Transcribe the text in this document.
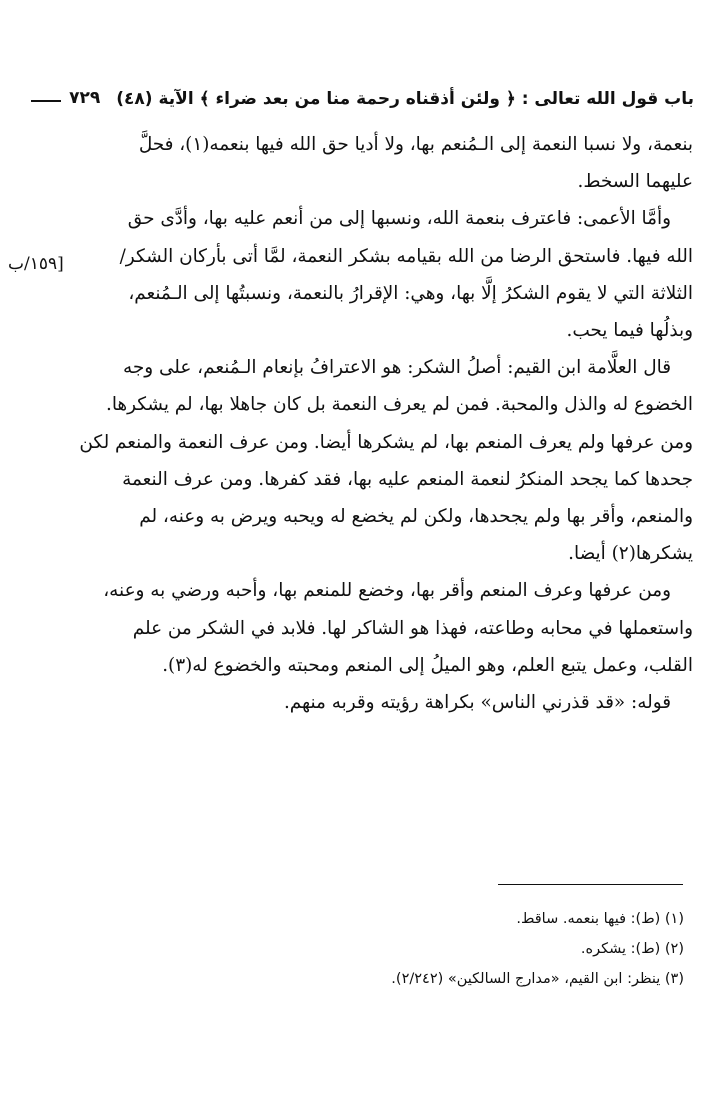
باب قول الله تعالى : ﴿ ولئن أذقناه رحمة منا من بعد ضراء ﴾ الآية (٤٨)
٧٢٩
[١٥٩/ب

بنعمة، ولا نسبا النعمة إلى الـمُنعم بها، ولا أديا حق الله فيها بنعمه(١)، فحلَّ
عليهما السخط.

وأمَّا الأعمى: فاعترف بنعمة الله، ونسبها إلى من أنعم عليه بها، وأدَّى حق
الله فيها. فاستحق الرضا من الله بقيامه بشكر النعمة، لمَّا أتى بأركان الشكر/
الثلاثة التي لا يقوم الشكرُ إلَّا بها، وهي: الإقرارُ بالنعمة، ونسبتُها إلى الـمُنعم،
وبذلُها فيما يحب.

قال العلَّامة ابن القيم: أصلُ الشكر: هو الاعترافُ بإنعام الـمُنعم، على وجه
الخضوع له والذل والمحبة. فمن لم يعرف النعمة بل كان جاهلا بها، لم يشكرها.
ومن عرفها ولم يعرف المنعم بها، لم يشكرها أيضا. ومن عرف النعمة والمنعم لكن
جحدها كما يجحد المنكرُ لنعمة المنعم عليه بها، فقد كفرها. ومن عرف النعمة
والمنعم، وأقر بها ولم يجحدها، ولكن لم يخضع له ويحبه ويرض به وعنه، لم
يشكرها(٢) أيضا.

ومن عرفها وعرف المنعم وأقر بها، وخضع للمنعم بها، وأحبه ورضي به وعنه،
واستعملها في محابه وطاعته، فهذا هو الشاكر لها. فلابد في الشكر من علم
القلب، وعمل يتبع العلم، وهو الميلُ إلى المنعم ومحبته والخضوع له(٣).

قوله: «قد قذرني الناس» بكراهة رؤيته وقربه منهم.

(١) (ط): فيها بنعمه. ساقط.
(٢) (ط): يشكره.
(٣) ينظر: ابن القيم، «مدارج السالكين» (٢/٢٤٢).
